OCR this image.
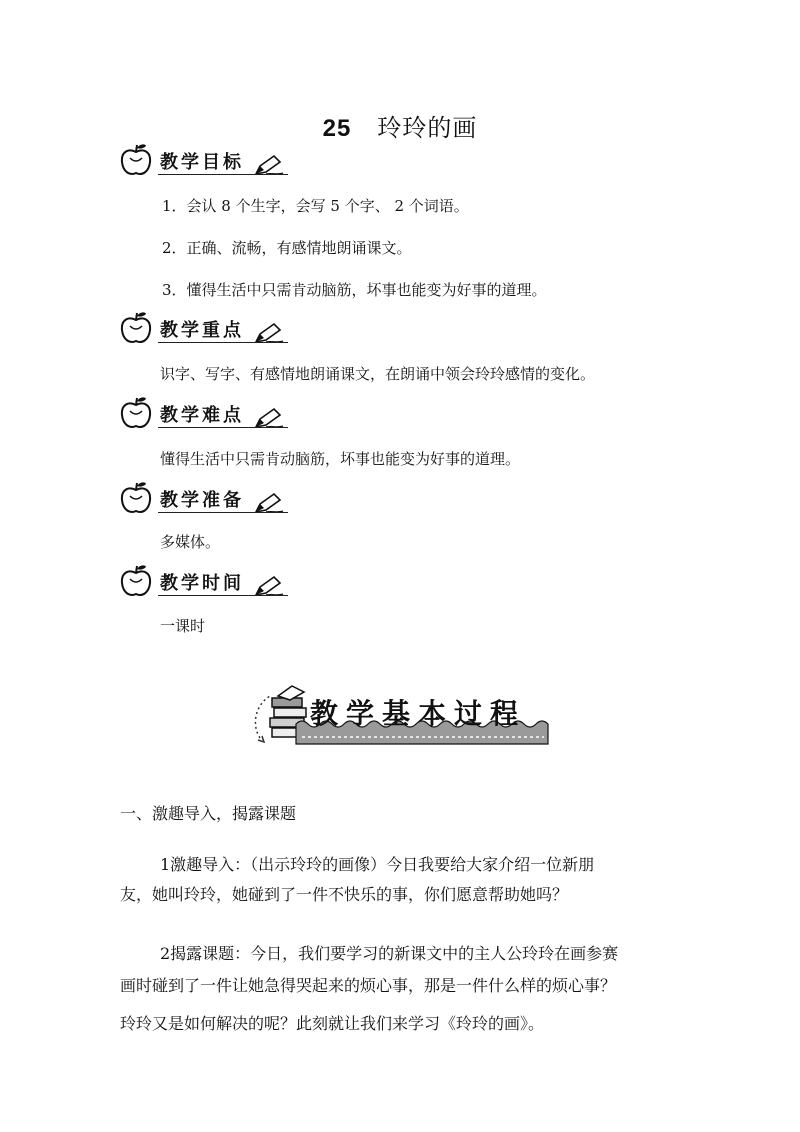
25 玲玲的画
教学目标
1．会认 8 个生字，会写 5 个字、 2 个词语。
2．正确、流畅，有感情地朗诵课文。
3．懂得生活中只需肯动脑筋，坏事也能变为好事的道理。
教学重点
识字、写字、有感情地朗诵课文，在朗诵中领会玲玲感情的变化。
教学难点
懂得生活中只需肯动脑筋，坏事也能变为好事的道理。
教学准备
多媒体。
教学时间
一课时
教学基本过程
一、激趣导入，揭露课题
1激趣导入：（出示玲玲的画像）今日我要给大家介绍一位新朋
友，她叫玲玲，她碰到了一件不快乐的事，你们愿意帮助她吗？
2揭露课题：今日，我们要学习的新课文中的主人公玲玲在画参赛
画时碰到了一件让她急得哭起来的烦心事，那是一件什么样的烦心事？
玲玲又是如何解决的呢？此刻就让我们来学习《玲玲的画》。
